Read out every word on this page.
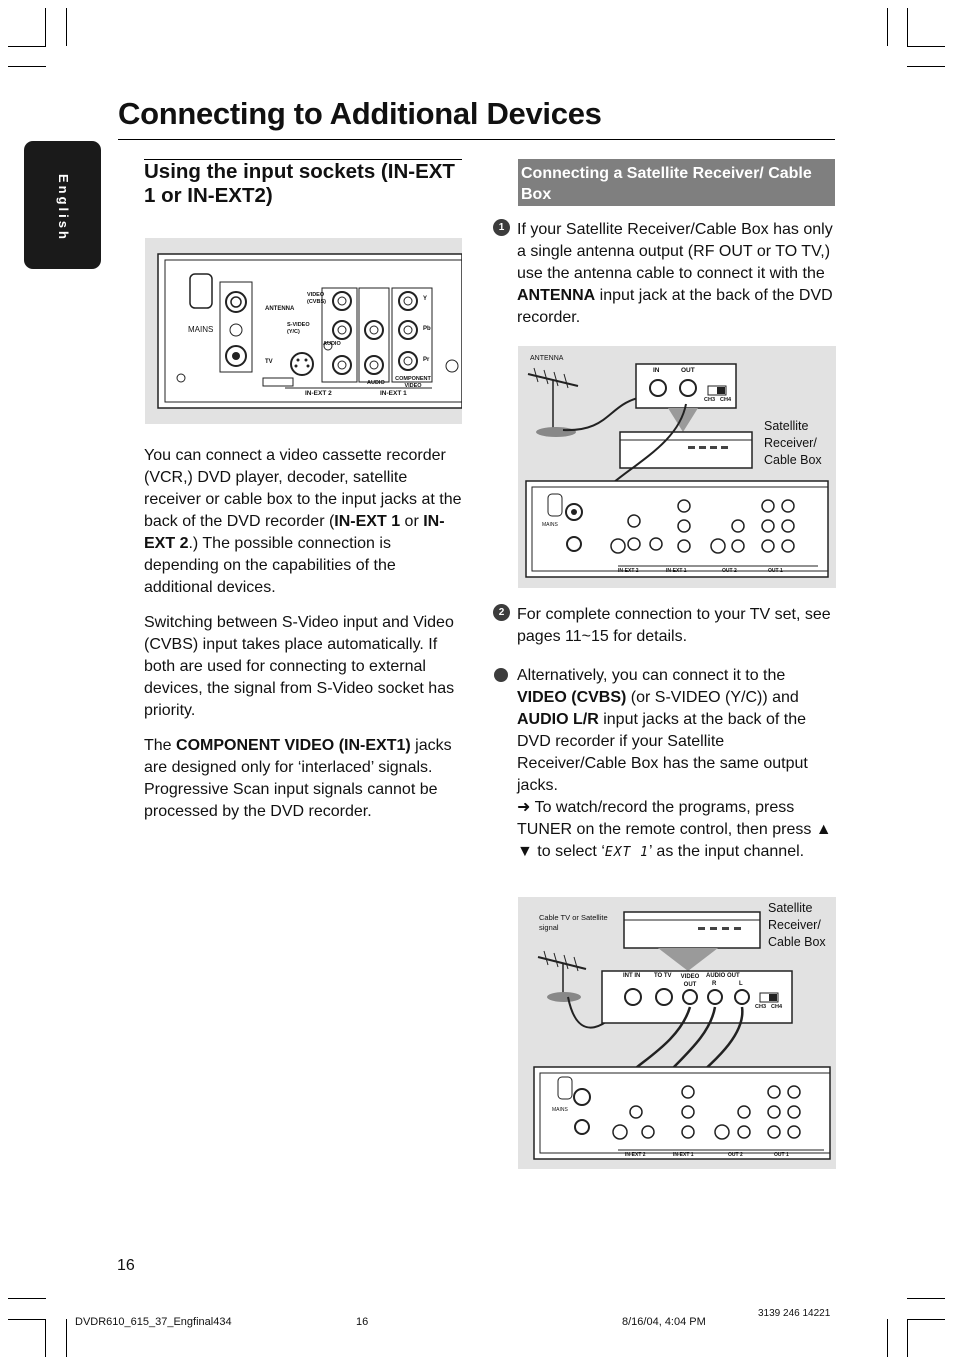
Connecting to Additional Devices
English
Using the input sockets (IN-EXT 1 or IN-EXT2)
MAINS
ANTENNA
TV
VIDEO (CVBS)
S-VIDEO (Y/C)
AUDIO
AUDIO
COMPONENT VIDEO
Y
Pb
Pr
IN-EXT 2	IN-EXT 1
You can connect a video cassette recorder (VCR,) DVD player, decoder, satellite receiver or cable box to the input jacks at the back of the DVD recorder (IN-EXT 1 or IN-EXT 2.) The possible connection is depending on the capabilities of the additional devices.
Switching between S-Video input and Video (CVBS) input takes place automatically. If both are used for connecting to external devices, the signal from S-Video socket has priority.
The COMPONENT VIDEO (IN-EXT1) jacks are designed only for ‘interlaced’ signals. Progressive Scan input signals cannot be processed by the DVD recorder.
Connecting a Satellite Receiver/ Cable Box
1 If your Satellite Receiver/Cable Box has only a single antenna output (RF OUT or TO TV,) use the antenna cable to connect it with the ANTENNA input jack at the back of the DVD recorder.
ANTENNA
IN	OUT
CH3 CH4
Satellite Receiver/ Cable Box
MAINS
IN-EXT 2	IN-EXT 1	OUT 2	OUT 1
2 For complete connection to your TV set, see pages 11~15 for details.
Alternatively, you can connect it to the VIDEO (CVBS) (or S-VIDEO (Y/C)) and AUDIO L/R input jacks at the back of the DVD recorder if your Satellite Receiver/Cable Box has the same output jacks.
➜ To watch/record the programs, press TUNER on the remote control, then press ▲ ▼ to select ‘EXT 1’ as the input channel.
Cable TV or Satellite signal
Satellite Receiver/ Cable Box
INT IN TO TV VIDEO OUT
AUDIO OUT
R	L
CH3 CH4
MAINS
IN-EXT 2	IN-EXT 1	OUT 2	OUT 1
16
DVDR610_615_37_Engfinal434	16	8/16/04, 4:04 PM
3139 246 14221
